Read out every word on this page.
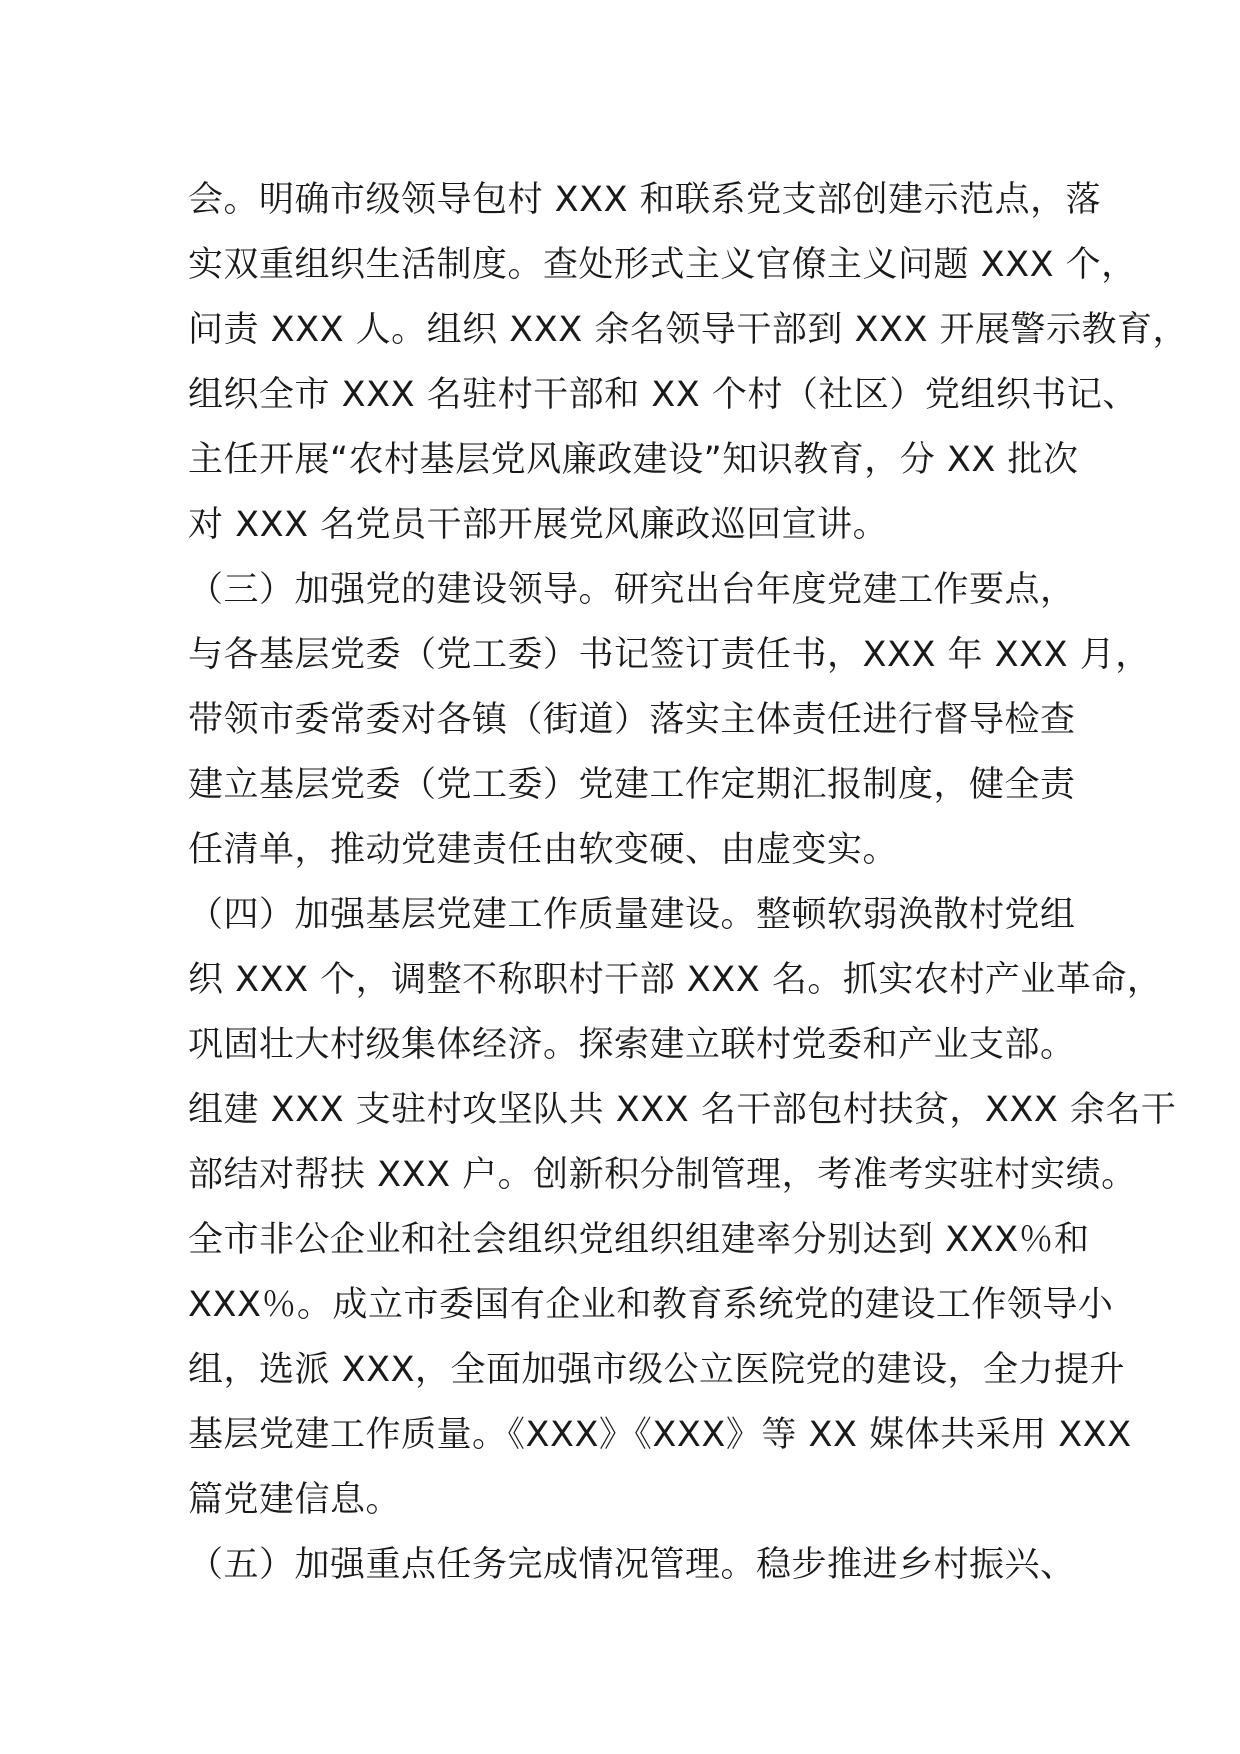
会。明确市级领导包村 XXX 和联系党支部创建示范点，落
实双重组织生活制度。查处形式主义官僚主义问题 XXX 个，
问责 XXX 人。组织 XXX 余名领导干部到 XXX 开展警示教育，
组织全市 XXX 名驻村干部和 XX 个村（社区）党组织书记、
主任开展“农村基层党风廉政建设”知识教育，分 XX 批次
对 XXX 名党员干部开展党风廉政巡回宣讲。
（三）加强党的建设领导。研究出台年度党建工作要点，
与各基层党委（党工委）书记签订责任书，XXX 年 XXX 月，
带领市委常委对各镇（街道）落实主体责任进行督导检查
建立基层党委（党工委）党建工作定期汇报制度，健全责
任清单，推动党建责任由软变硬、由虚变实。
（四）加强基层党建工作质量建设。整顿软弱涣散村党组
织 XXX 个，调整不称职村干部 XXX 名。抓实农村产业革命，
巩固壮大村级集体经济。探索建立联村党委和产业支部。
组建 XXX 支驻村攻坚队共 XXX 名干部包村扶贫，XXX 余名干
部结对帮扶 XXX 户。创新积分制管理，考准考实驻村实绩。
全市非公企业和社会组织党组织组建率分别达到 XXX％和
XXX％。成立市委国有企业和教育系统党的建设工作领导小
组，选派 XXX，全面加强市级公立医院党的建设，全力提升
基层党建工作质量。《XXX》《XXX》等 XX 媒体共采用 XXX
篇党建信息。
（五）加强重点任务完成情况管理。稳步推进乡村振兴、
